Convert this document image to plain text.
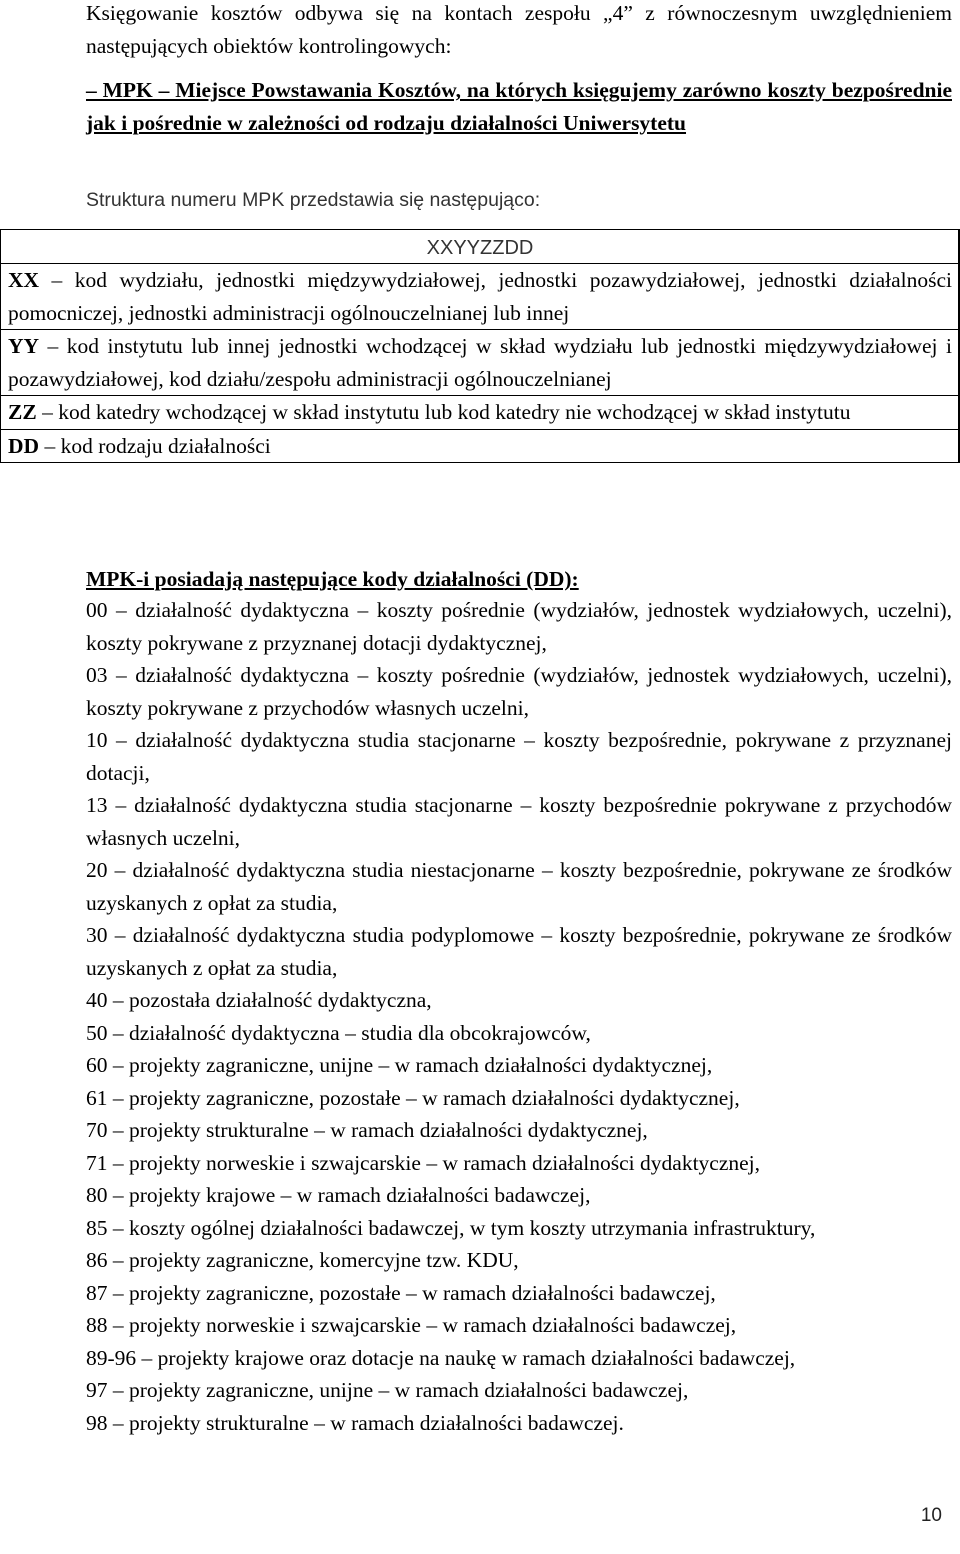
Księgowanie kosztów odbywa się na kontach zespołu „4” z równoczesnym uwzględnieniem następujących obiektów kontrolingowych:

– MPK – Miejsce Powstawania Kosztów, na których księgujemy zarówno koszty bezpośrednie jak i pośrednie w zależności od rodzaju działalności Uniwersytetu

Struktura numeru MPK przedstawia się następująco:

XXYYZZDD
XX – kod wydziału, jednostki międzywydziałowej, jednostki pozawydziałowej, jednostki działalności pomocniczej, jednostki administracji ogólnouczelnianej lub innej
YY – kod instytutu lub innej jednostki wchodzącej w skład wydziału lub jednostki międzywydziałowej i pozawydziałowej, kod działu/zespołu administracji ogólnouczelnianej
ZZ – kod katedry wchodzącej w skład instytutu lub kod katedry nie wchodzącej w skład instytutu
DD – kod rodzaju działalności
MPK-i posiadają następujące kody działalności (DD):

00 – działalność dydaktyczna – koszty pośrednie (wydziałów, jednostek wydziałowych, uczelni), koszty pokrywane z przyznanej dotacji dydaktycznej,

03 – działalność dydaktyczna – koszty pośrednie (wydziałów, jednostek wydziałowych, uczelni), koszty pokrywane z przychodów własnych uczelni,

10 – działalność dydaktyczna studia stacjonarne – koszty bezpośrednie, pokrywane z przyznanej dotacji,

13 – działalność dydaktyczna studia stacjonarne – koszty bezpośrednie pokrywane z przychodów własnych uczelni,

20 – działalność dydaktyczna studia niestacjonarne – koszty bezpośrednie, pokrywane ze środków uzyskanych z opłat za studia,

30 – działalność dydaktyczna studia podyplomowe – koszty bezpośrednie, pokrywane ze środków uzyskanych z opłat za studia,

40 – pozostała działalność dydaktyczna,

50 – działalność dydaktyczna – studia dla obcokrajowców,

60 – projekty zagraniczne, unijne – w ramach działalności dydaktycznej,

61 – projekty zagraniczne, pozostałe – w ramach działalności dydaktycznej,

70 – projekty strukturalne – w ramach działalności dydaktycznej,

71 – projekty norweskie i szwajcarskie – w ramach działalności dydaktycznej,

80 – projekty krajowe – w ramach działalności badawczej,

85 – koszty ogólnej działalności badawczej, w tym koszty utrzymania infrastruktury,

86 – projekty zagraniczne, komercyjne tzw. KDU,

87 – projekty zagraniczne, pozostałe – w ramach działalności badawczej,

88 – projekty norweskie i szwajcarskie – w ramach działalności badawczej,

89-96 – projekty krajowe oraz dotacje na naukę w ramach działalności badawczej,

97 – projekty zagraniczne, unijne – w ramach działalności badawczej,

98 – projekty strukturalne – w ramach działalności badawczej.

10
